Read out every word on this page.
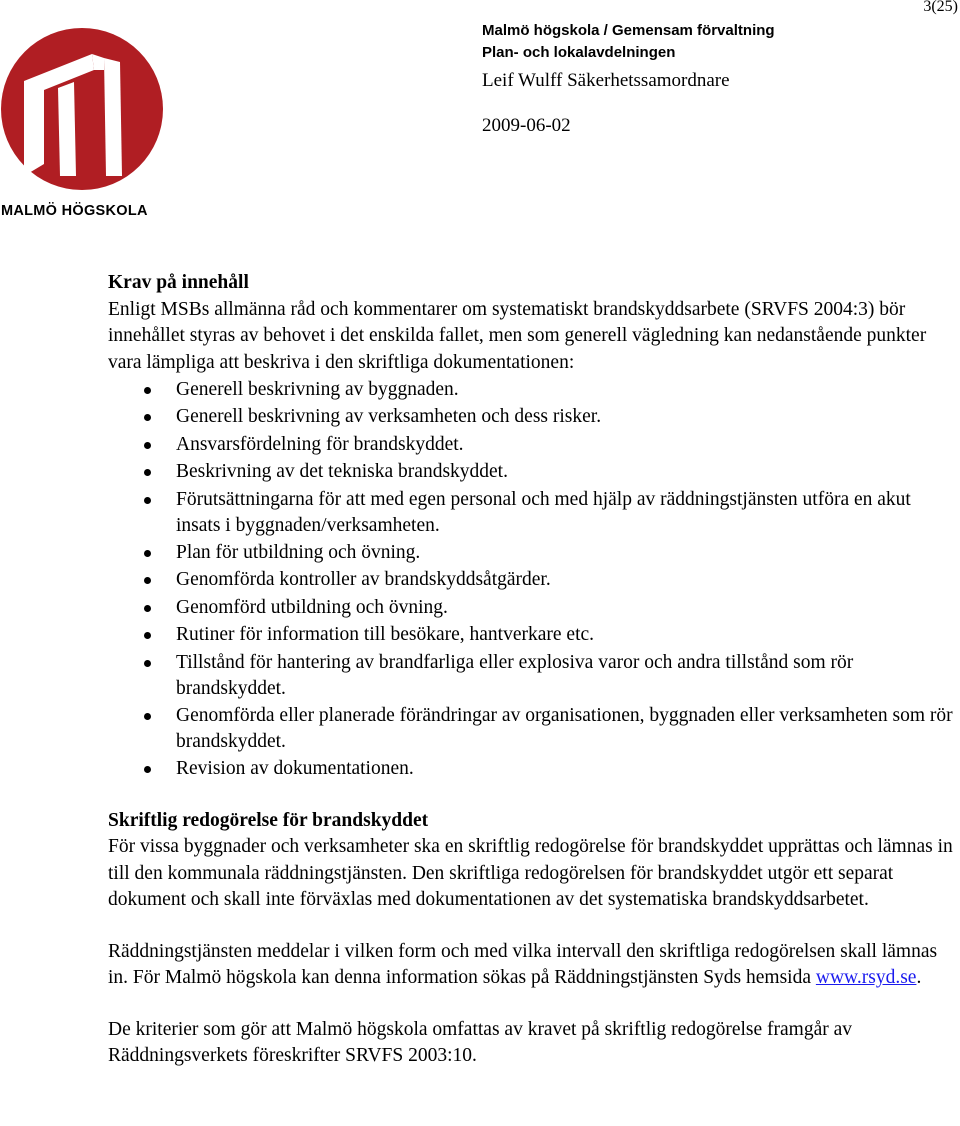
3(25)
MALMÖ HÖGSKOLA
Malmö högskola / Gemensam förvaltning
Plan- och lokalavdelningen
Leif Wulff Säkerhetssamordnare
2009-06-02
Krav på innehåll

Enligt MSBs allmänna råd och kommentarer om systematiskt brandskyddsarbete (SRVFS 2004:3) bör innehållet styras av behovet i det enskilda fallet, men som generell vägledning kan nedanstående punkter vara lämpliga att beskriva i den skriftliga dokumentationen:

Generell beskrivning av byggnaden.
Generell beskrivning av verksamheten och dess risker.
Ansvarsfördelning för brandskyddet.
Beskrivning av det tekniska brandskyddet.
Förutsättningarna för att med egen personal och med hjälp av räddningstjänsten utföra en akut insats i byggnaden/verksamheten.
Plan för utbildning och övning.
Genomförda kontroller av brandskyddsåtgärder.
Genomförd utbildning och övning.
Rutiner för information till besökare, hantverkare etc.
Tillstånd för hantering av brandfarliga eller explosiva varor och andra tillstånd som rör brandskyddet.
Genomförda eller planerade förändringar av organisationen, byggnaden eller verksamheten som rör brandskyddet.
Revision av dokumentationen.
Skriftlig redogörelse för brandskyddet

För vissa byggnader och verksamheter ska en skriftlig redogörelse för brandskyddet upprättas och lämnas in till den kommunala räddningstjänsten. Den skriftliga redogörelsen för brandskyddet utgör ett separat dokument och skall inte förväxlas med dokumentationen av det systematiska brandskyddsarbetet.

Räddningstjänsten meddelar i vilken form och med vilka intervall den skriftliga redogörelsen skall lämnas in. För Malmö högskola kan denna information sökas på Räddningstjänsten Syds hemsida www.rsyd.se.

De kriterier som gör att Malmö högskola omfattas av kravet på skriftlig redogörelse framgår av Räddningsverkets föreskrifter SRVFS 2003:10.
